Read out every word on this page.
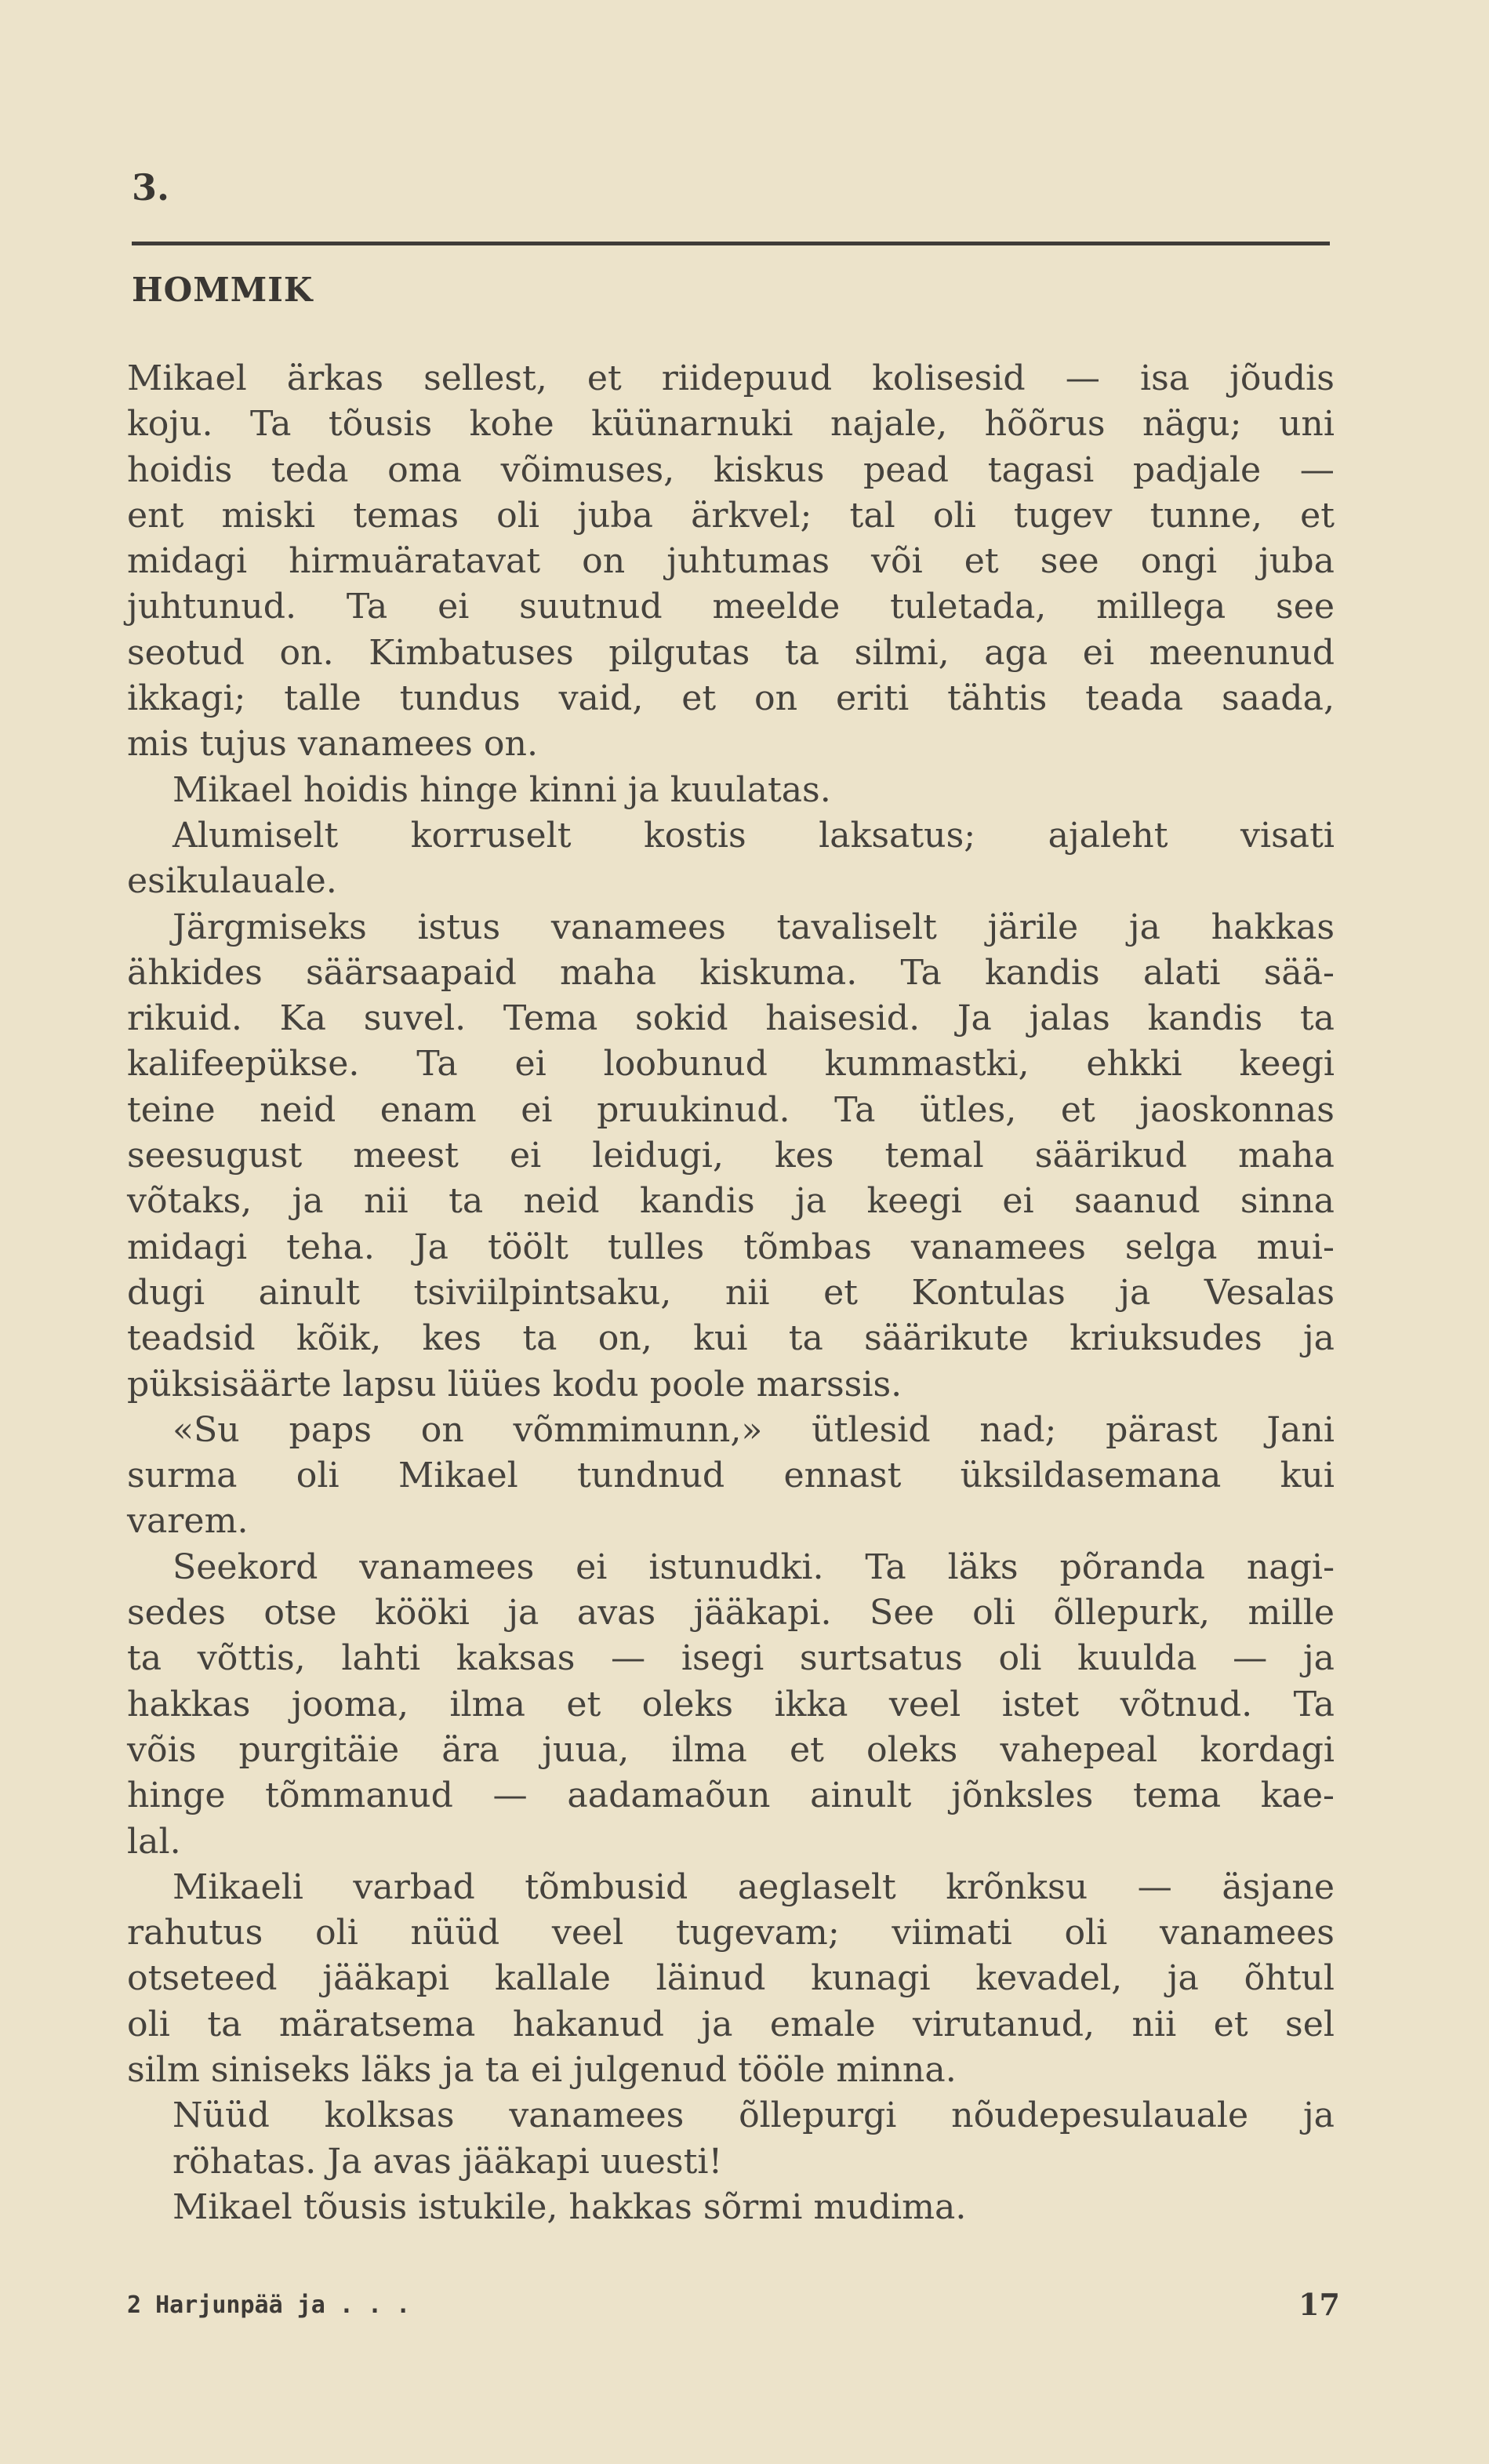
3.
HOMMIK
Mikael ärkas sellest, et riidepuud kolisesid — isa jõudis
koju. Ta tõusis kohe küünarnuki najale, hõõrus nägu; uni
hoidis teda oma võimuses, kiskus pead tagasi padjale —
ent miski temas oli juba ärkvel; tal oli tugev tunne, et
midagi hirmuäratavat on juhtumas või et see ongi juba
juhtunud. Ta ei suutnud meelde tuletada, millega see
seotud on. Kimbatuses pilgutas ta silmi, aga ei meenunud
ikkagi; talle tundus vaid, et on eriti tähtis teada saada,
mis tujus vanamees on.
Mikael hoidis hinge kinni ja kuulatas.
Alumiselt korruselt kostis laksatus; ajaleht visati
esikulauale.
Järgmiseks istus vanamees tavaliselt järile ja hakkas
ähkides säärsaapaid maha kiskuma. Ta kandis alati sää-
rikuid. Ka suvel. Tema sokid haisesid. Ja jalas kandis ta
kalifeepükse. Ta ei loobunud kummastki, ehkki keegi
teine neid enam ei pruukinud. Ta ütles, et jaoskonnas
seesugust meest ei leidugi, kes temal säärikud maha
võtaks, ja nii ta neid kandis ja keegi ei saanud sinna
midagi teha. Ja töölt tulles tõmbas vanamees selga mui-
dugi ainult tsiviilpintsaku, nii et Kontulas ja Vesalas
teadsid kõik, kes ta on, kui ta säärikute kriuksudes ja
püksisäärte lapsu lüües kodu poole marssis.
«Su paps on võmmimunn,» ütlesid nad; pärast Jani
surma oli Mikael tundnud ennast üksildasemana kui
varem.
Seekord vanamees ei istunudki. Ta läks põranda nagi-
sedes otse kööki ja avas jääkapi. See oli õllepurk, mille
ta võttis, lahti kaksas — isegi surtsatus oli kuulda — ja
hakkas jooma, ilma et oleks ikka veel istet võtnud. Ta
võis purgitäie ära juua, ilma et oleks vahepeal kordagi
hinge tõmmanud — aadamaõun ainult jõnksles tema kae-
lal.
Mikaeli varbad tõmbusid aeglaselt krõnksu — äsjane
rahutus oli nüüd veel tugevam; viimati oli vanamees
otseteed jääkapi kallale läinud kunagi kevadel, ja õhtul
oli ta märatsema hakanud ja emale virutanud, nii et sel
silm siniseks läks ja ta ei julgenud tööle minna.
Nüüd kolksas vanamees õllepurgi nõudepesulauale ja
röhatas. Ja avas jääkapi uuesti!
Mikael tõusis istukile, hakkas sõrmi mudima.
2 Harjunpää ja . . .	17
